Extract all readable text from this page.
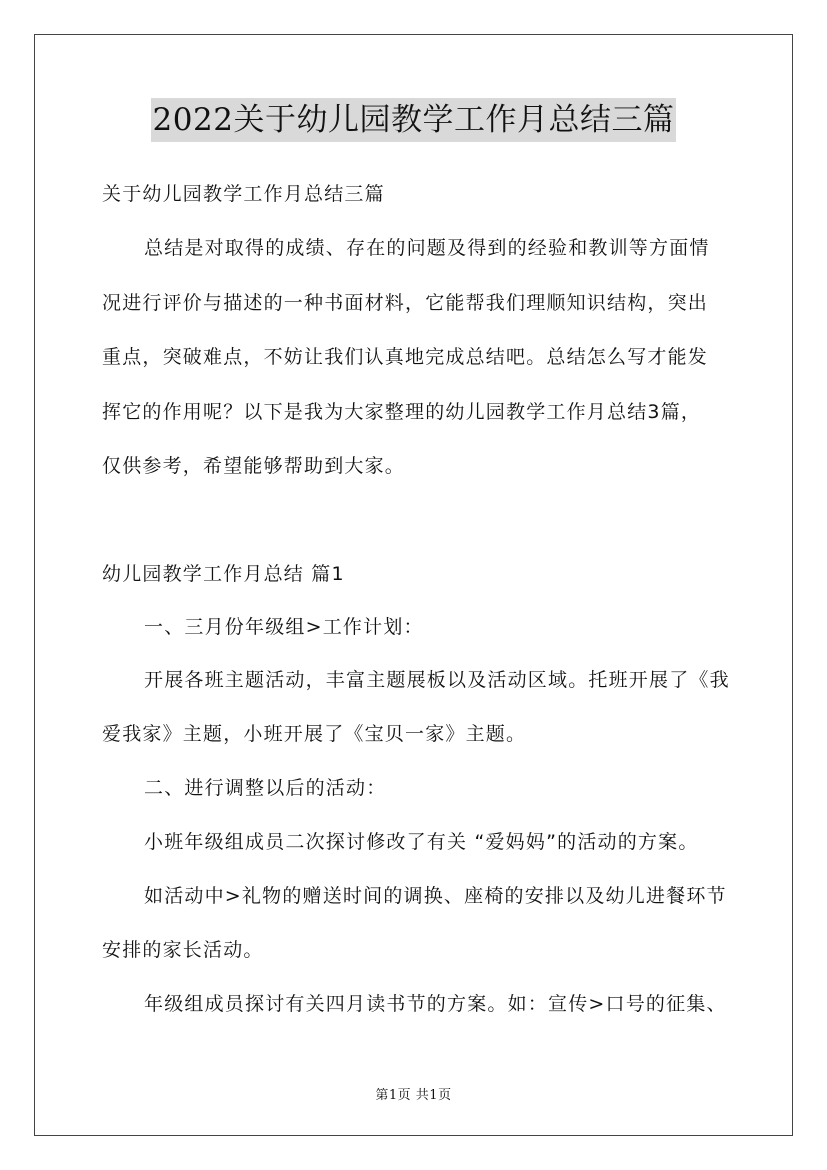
2022关于幼儿园教学工作月总结三篇
关于幼儿园教学工作月总结三篇
总结是对取得的成绩、存在的问题及得到的经验和教训等方面情
况进行评价与描述的一种书面材料，它能帮我们理顺知识结构，突出
重点，突破难点，不妨让我们认真地完成总结吧。总结怎么写才能发
挥它的作用呢？以下是我为大家整理的幼儿园教学工作月总结3篇，
仅供参考，希望能够帮助到大家。
幼儿园教学工作月总结 篇1
一、三月份年级组>工作计划：
开展各班主题活动，丰富主题展板以及活动区域。托班开展了《我
爱我家》主题，小班开展了《宝贝一家》主题。
二、进行调整以后的活动：
小班年级组成员二次探讨修改了有关 “爱妈妈”的活动的方案。
如活动中>礼物的赠送时间的调换、座椅的安排以及幼儿进餐环节
安排的家长活动。
年级组成员探讨有关四月读书节的方案。如：宣传>口号的征集、
第1页 共1页
